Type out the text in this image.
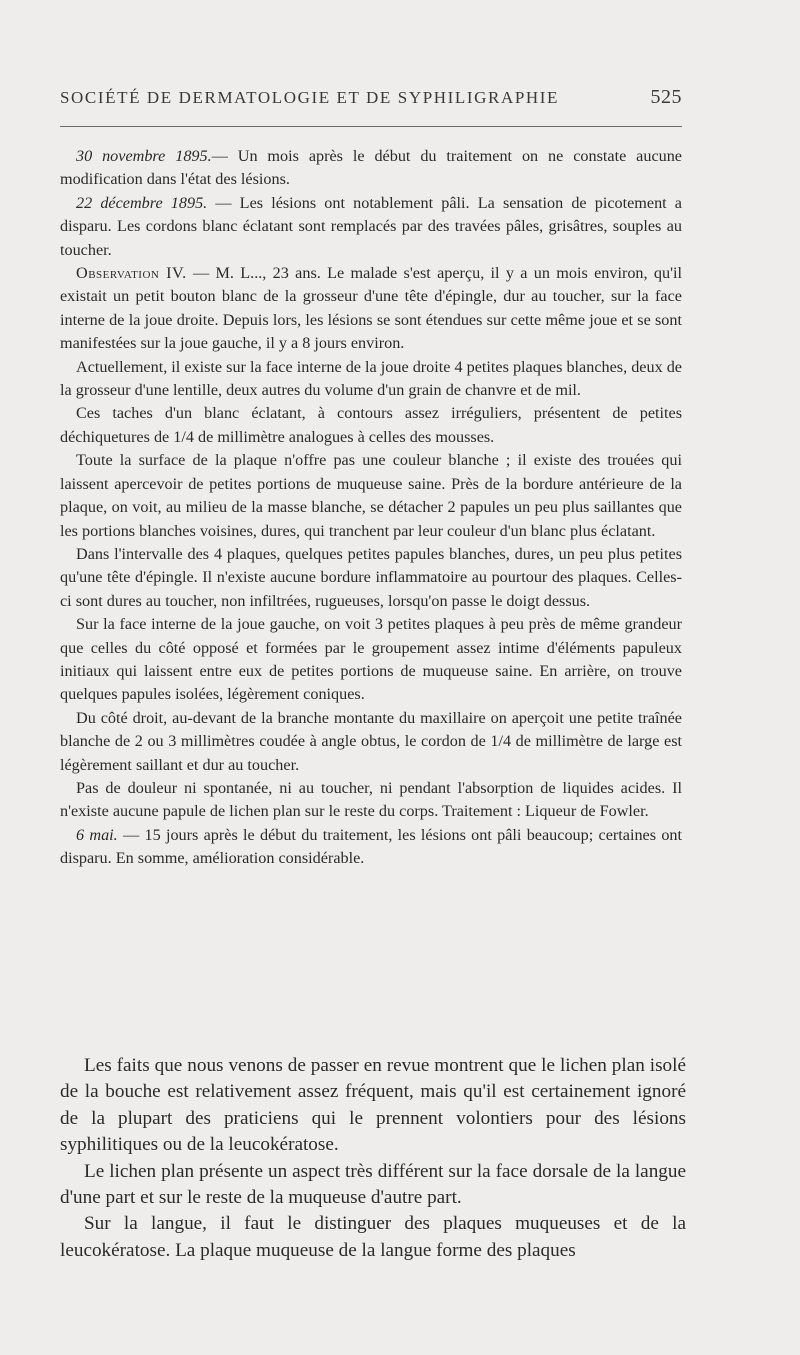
SOCIÉTÉ DE DERMATOLOGIE ET DE SYPHILIGRAPHIE	525

30 novembre 1895.— Un mois après le début du traitement on ne constate aucune modification dans l'état des lésions.

22 décembre 1895. — Les lésions ont notablement pâli. La sensation de picotement a disparu. Les cordons blanc éclatant sont remplacés par des travées pâles, grisâtres, souples au toucher.

Observation IV. — M. L..., 23 ans. Le malade s'est aperçu, il y a un mois environ, qu'il existait un petit bouton blanc de la grosseur d'une tête d'épingle, dur au toucher, sur la face interne de la joue droite. Depuis lors, les lésions se sont étendues sur cette même joue et se sont manifestées sur la joue gauche, il y a 8 jours environ.

Actuellement, il existe sur la face interne de la joue droite 4 petites plaques blanches, deux de la grosseur d'une lentille, deux autres du volume d'un grain de chanvre et de mil.

Ces taches d'un blanc éclatant, à contours assez irréguliers, présentent de petites déchiquetures de 1/4 de millimètre analogues à celles des mousses.

Toute la surface de la plaque n'offre pas une couleur blanche ; il existe des trouées qui laissent apercevoir de petites portions de muqueuse saine. Près de la bordure antérieure de la plaque, on voit, au milieu de la masse blanche, se détacher 2 papules un peu plus saillantes que les portions blanches voisines, dures, qui tranchent par leur couleur d'un blanc plus éclatant.

Dans l'intervalle des 4 plaques, quelques petites papules blanches, dures, un peu plus petites qu'une tête d'épingle. Il n'existe aucune bordure inflammatoire au pourtour des plaques. Celles-ci sont dures au toucher, non infiltrées, rugueuses, lorsqu'on passe le doigt dessus.

Sur la face interne de la joue gauche, on voit 3 petites plaques à peu près de même grandeur que celles du côté opposé et formées par le groupement assez intime d'éléments papuleux initiaux qui laissent entre eux de petites portions de muqueuse saine. En arrière, on trouve quelques papules isolées, légèrement coniques.

Du côté droit, au-devant de la branche montante du maxillaire on aperçoit une petite traînée blanche de 2 ou 3 millimètres coudée à angle obtus, le cordon de 1/4 de millimètre de large est légèrement saillant et dur au toucher.

Pas de douleur ni spontanée, ni au toucher, ni pendant l'absorption de liquides acides. Il n'existe aucune papule de lichen plan sur le reste du corps. Traitement : Liqueur de Fowler.

6 mai. — 15 jours après le début du traitement, les lésions ont pâli beaucoup; certaines ont disparu. En somme, amélioration considérable.

Les faits que nous venons de passer en revue montrent que le lichen plan isolé de la bouche est relativement assez fréquent, mais qu'il est certainement ignoré de la plupart des praticiens qui le prennent volontiers pour des lésions syphilitiques ou de la leucokératose.

Le lichen plan présente un aspect très différent sur la face dorsale de la langue d'une part et sur le reste de la muqueuse d'autre part.

Sur la langue, il faut le distinguer des plaques muqueuses et de la leucokératose. La plaque muqueuse de la langue forme des plaques
